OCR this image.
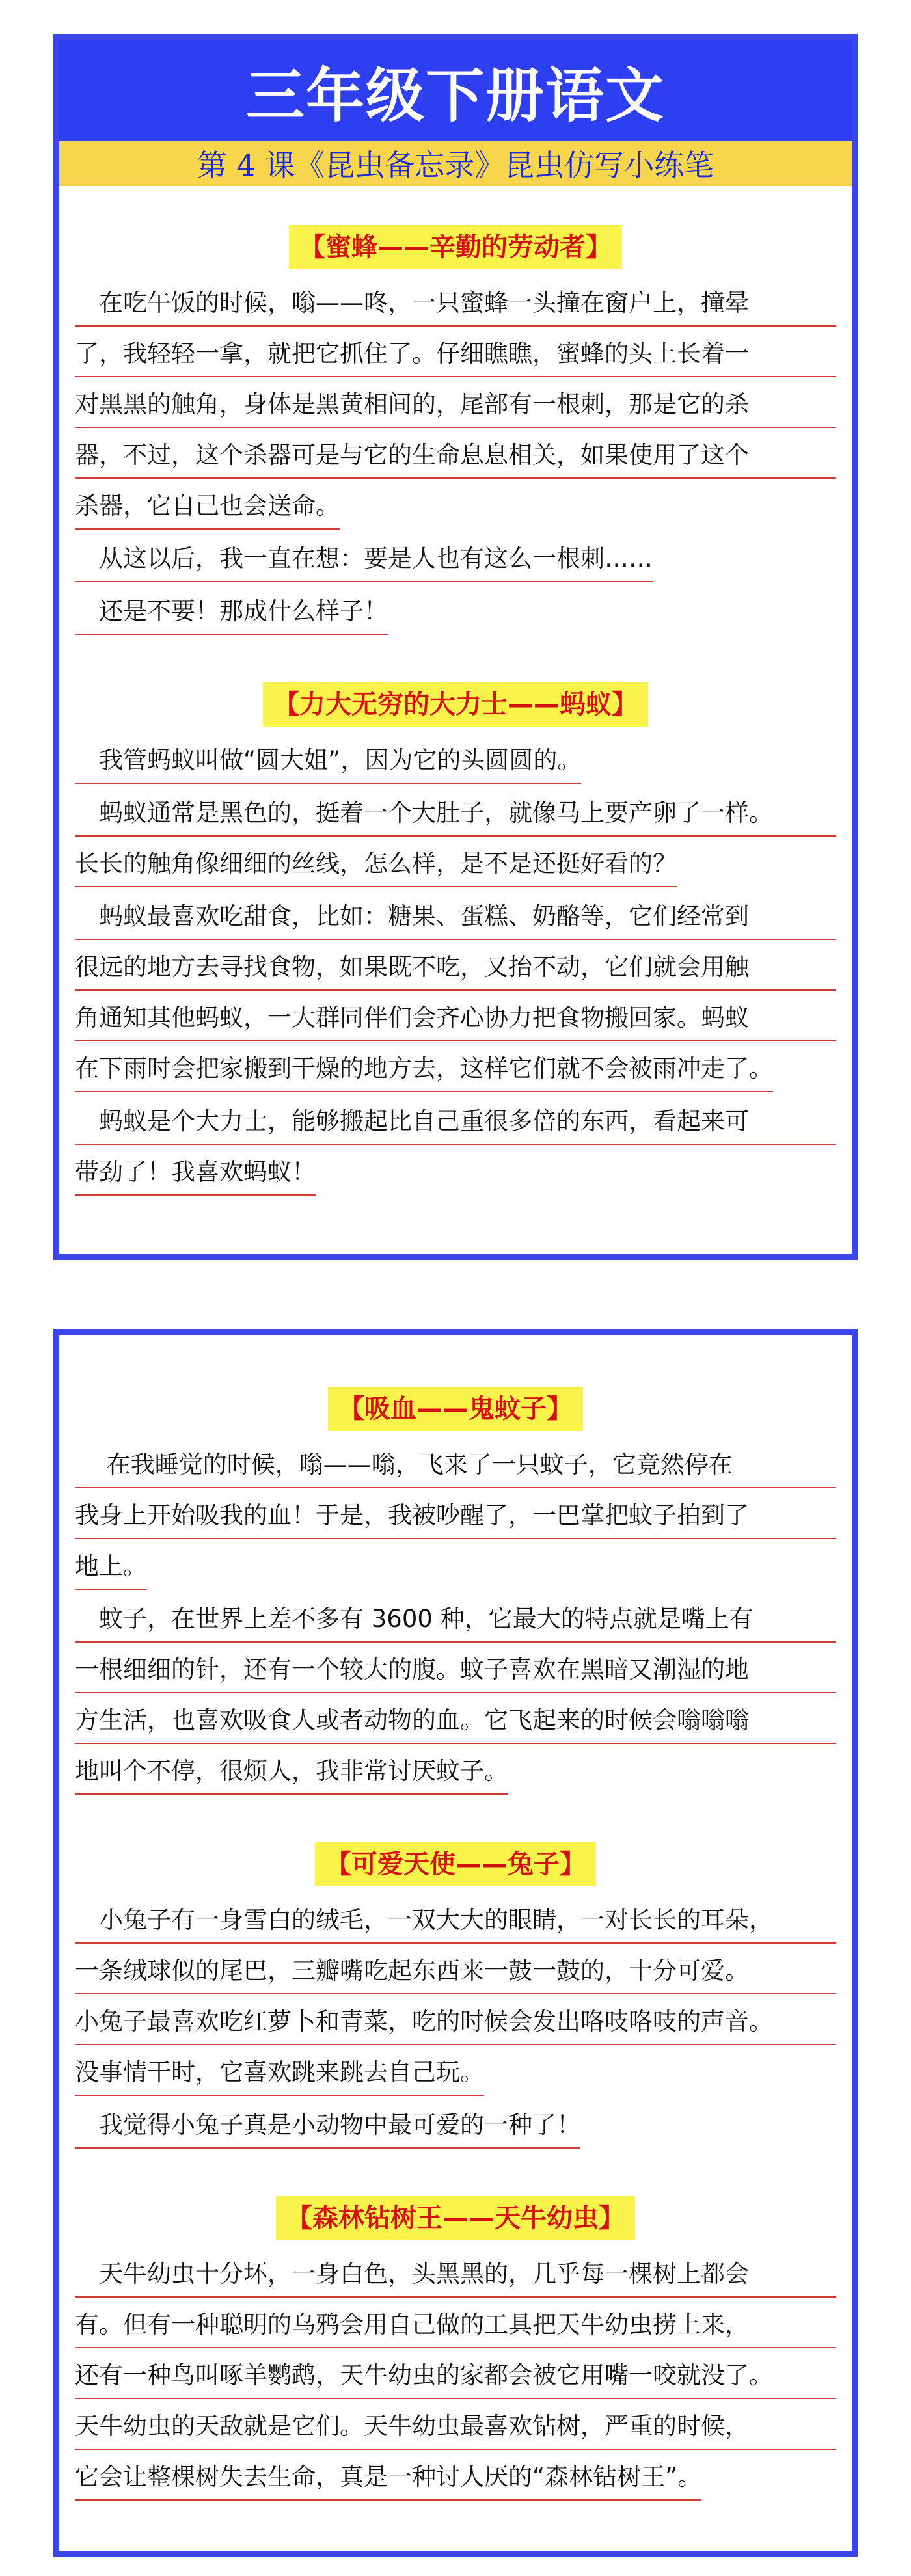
三年级下册语文
第 4 课《昆虫备忘录》昆虫仿写小练笔
【蜜蜂——辛勤的劳动者】
　在吃午饭的时候，嗡——咚，一只蜜蜂一头撞在窗户上，撞晕
了，我轻轻一拿，就把它抓住了。仔细瞧瞧，蜜蜂的头上长着一
对黑黑的触角，身体是黑黄相间的，尾部有一根刺，那是它的杀
器，不过，这个杀器可是与它的生命息息相关，如果使用了这个
杀器，它自己也会送命。
　从这以后，我一直在想：要是人也有这么一根刺……
　还是不要！那成什么样子！
【力大无穷的大力士——蚂蚁】
　我管蚂蚁叫做“圆大姐”，因为它的头圆圆的。
　蚂蚁通常是黑色的，挺着一个大肚子，就像马上要产卵了一样。
长长的触角像细细的丝线，怎么样，是不是还挺好看的？
　蚂蚁最喜欢吃甜食，比如：糖果、蛋糕、奶酪等，它们经常到
很远的地方去寻找食物，如果既不吃，又抬不动，它们就会用触
角通知其他蚂蚁，一大群同伴们会齐心协力把食物搬回家。蚂蚁
在下雨时会把家搬到干燥的地方去，这样它们就不会被雨冲走了。
　蚂蚁是个大力士，能够搬起比自己重很多倍的东西，看起来可
带劲了！我喜欢蚂蚁！
【吸血——鬼蚊子】
　 在我睡觉的时候，嗡——嗡，飞来了一只蚊子，它竟然停在
我身上开始吸我的血！于是，我被吵醒了，一巴掌把蚊子拍到了
地上。
　蚊子，在世界上差不多有 3600 种，它最大的特点就是嘴上有
一根细细的针，还有一个较大的腹。蚊子喜欢在黑暗又潮湿的地
方生活，也喜欢吸食人或者动物的血。它飞起来的时候会嗡嗡嗡
地叫个不停，很烦人，我非常讨厌蚊子。
【可爱天使——兔子】
　小兔子有一身雪白的绒毛，一双大大的眼睛，一对长长的耳朵，
一条绒球似的尾巴，三瓣嘴吃起东西来一鼓一鼓的，十分可爱。
小兔子最喜欢吃红萝卜和青菜，吃的时候会发出咯吱咯吱的声音。
没事情干时，它喜欢跳来跳去自己玩。
　我觉得小兔子真是小动物中最可爱的一种了！
【森林钻树王——天牛幼虫】
　天牛幼虫十分坏，一身白色，头黑黑的，几乎每一棵树上都会
有。但有一种聪明的乌鸦会用自己做的工具把天牛幼虫捞上来，
还有一种鸟叫啄羊鹦鹉，天牛幼虫的家都会被它用嘴一咬就没了。
天牛幼虫的天敌就是它们。天牛幼虫最喜欢钻树，严重的时候，
它会让整棵树失去生命，真是一种讨人厌的“森林钻树王”。
